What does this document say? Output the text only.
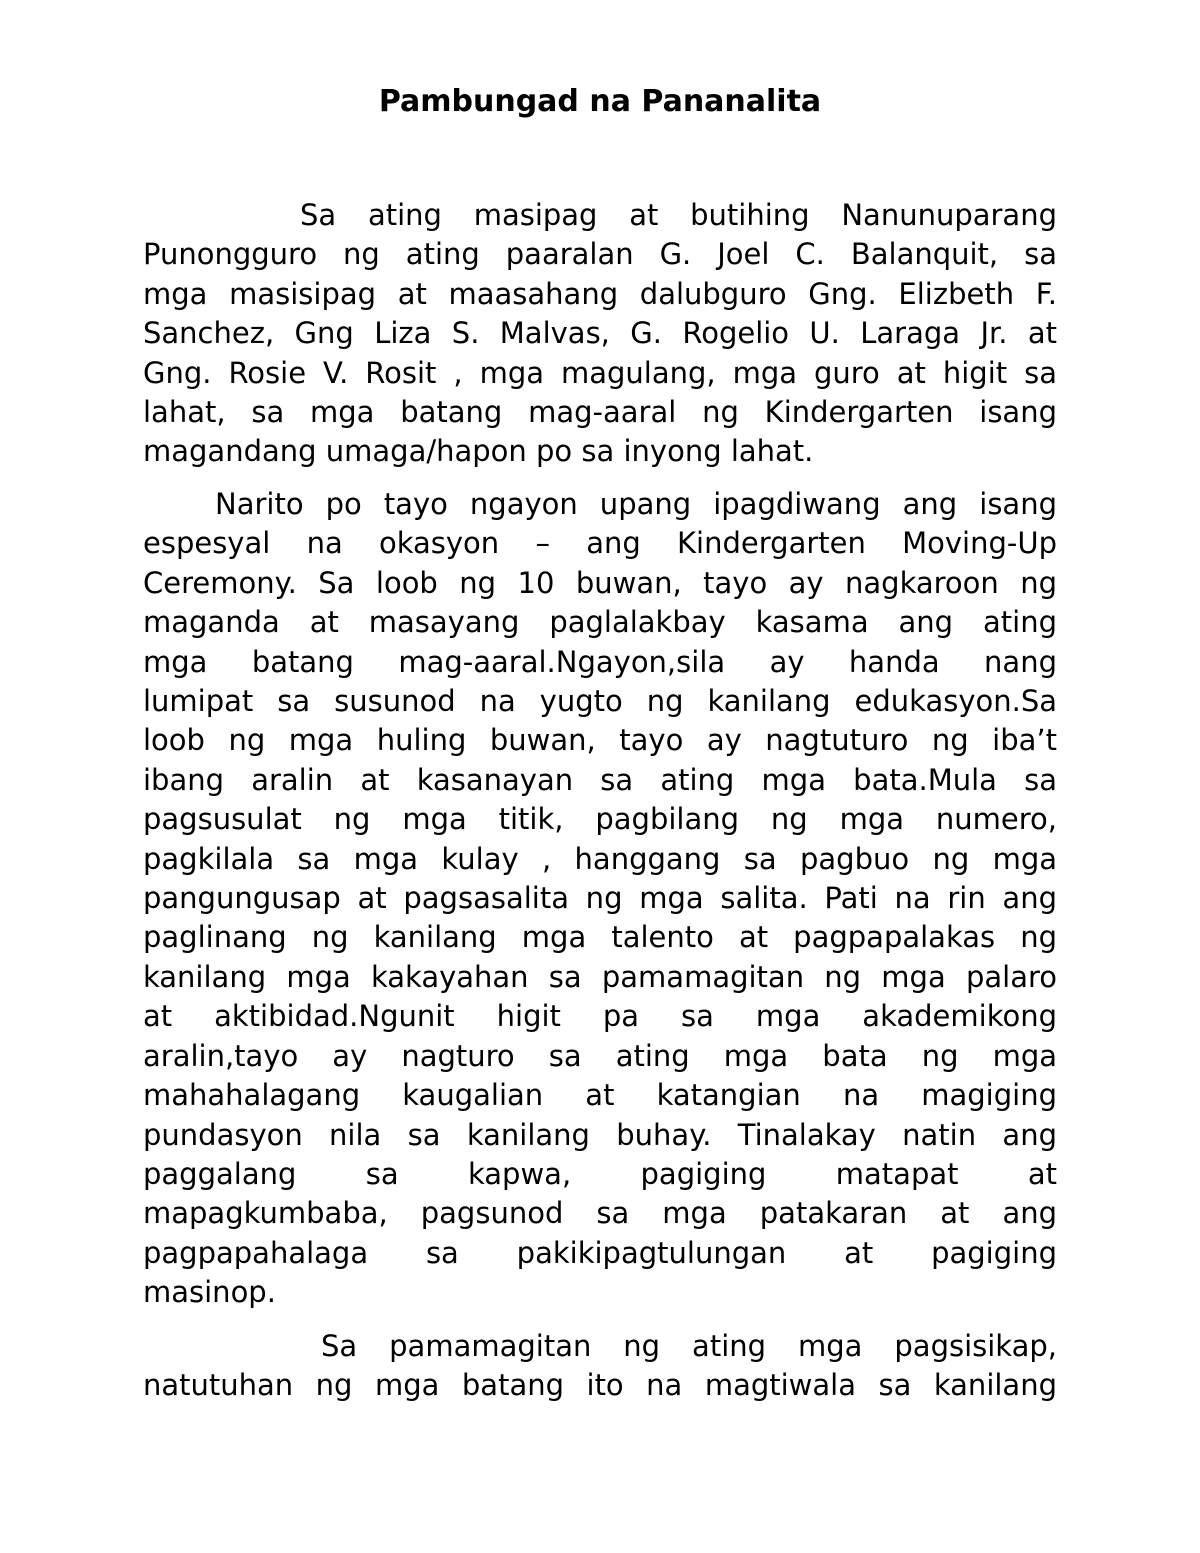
Pambungad na Pananalita
Sa ating masipag at butihing Nanunuparang
Punongguro ng ating paaralan G. Joel C. Balanquit, sa
mga masisipag at maasahang dalubguro Gng. Elizbeth F.
Sanchez, Gng Liza S. Malvas, G. Rogelio U. Laraga Jr. at
Gng. Rosie V. Rosit , mga magulang, mga guro at higit sa
lahat, sa mga batang mag-aaral ng Kindergarten isang
magandang umaga/hapon po sa inyong lahat.
Narito po tayo ngayon upang ipagdiwang ang isang
espesyal na okasyon – ang Kindergarten Moving-Up
Ceremony. Sa loob ng 10 buwan, tayo ay nagkaroon ng
maganda at masayang paglalakbay kasama ang ating
mga batang mag-aaral.Ngayon,sila ay handa nang
lumipat sa susunod na yugto ng kanilang edukasyon.Sa
loob ng mga huling buwan, tayo ay nagtuturo ng iba’t
ibang aralin at kasanayan sa ating mga bata.Mula sa
pagsusulat ng mga titik, pagbilang ng mga numero,
pagkilala sa mga kulay , hanggang sa pagbuo ng mga
pangungusap at pagsasalita ng mga salita. Pati na rin ang
paglinang ng kanilang mga talento at pagpapalakas ng
kanilang mga kakayahan sa pamamagitan ng mga palaro
at aktibidad.Ngunit higit pa sa mga akademikong
aralin,tayo ay nagturo sa ating mga bata ng mga
mahahalagang kaugalian at katangian na magiging
pundasyon nila sa kanilang buhay. Tinalakay natin ang
paggalang sa kapwa, pagiging matapat at
mapagkumbaba, pagsunod sa mga patakaran at ang
pagpapahalaga sa pakikipagtulungan at pagiging
masinop.
Sa pamamagitan ng ating mga pagsisikap,
natutuhan ng mga batang ito na magtiwala sa kanilang
